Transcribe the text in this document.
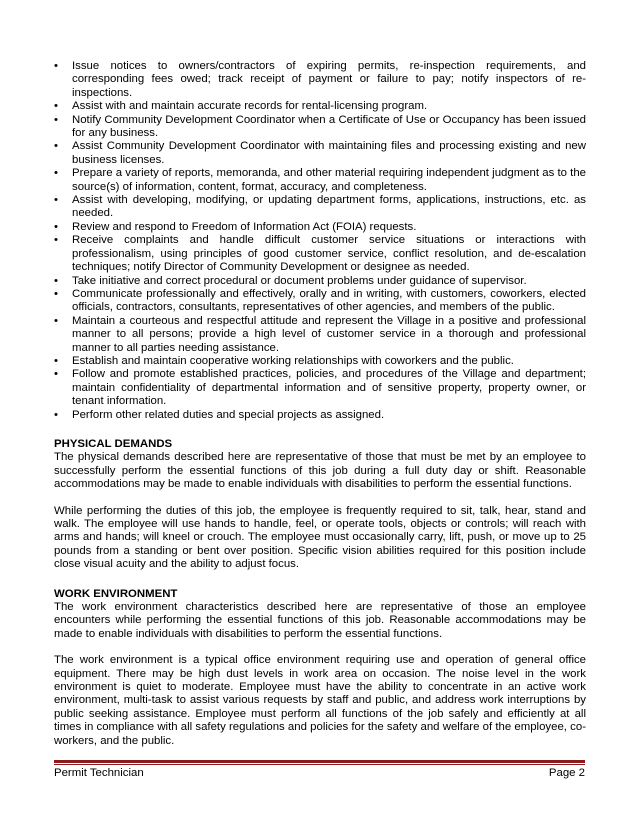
•	Issue notices to owners/contractors of expiring permits, re-inspection requirements, and corresponding fees owed; track receipt of payment or failure to pay; notify inspectors of re-inspections.
•	Assist with and maintain accurate records for rental-licensing program.
•	Notify Community Development Coordinator when a Certificate of Use or Occupancy has been issued for any business.
•	Assist Community Development Coordinator with maintaining files and processing existing and new business licenses.
•	Prepare a variety of reports, memoranda, and other material requiring independent judgment as to the source(s) of information, content, format, accuracy, and completeness.
•	Assist with developing, modifying, or updating department forms, applications, instructions, etc. as needed.
•	Review and respond to Freedom of Information Act (FOIA) requests.
•	Receive complaints and handle difficult customer service situations or interactions with professionalism, using principles of good customer service, conflict resolution, and de-escalation techniques; notify Director of Community Development or designee as needed.
•	Take initiative and correct procedural or document problems under guidance of supervisor.
•	Communicate professionally and effectively, orally and in writing, with customers, coworkers, elected officials, contractors, consultants, representatives of other agencies, and members of the public.
•	Maintain a courteous and respectful attitude and represent the Village in a positive and professional manner to all persons; provide a high level of customer service in a thorough and professional manner to all parties needing assistance.
•	Establish and maintain cooperative working relationships with coworkers and the public.
•	Follow and promote established practices, policies, and procedures of the Village and department; maintain confidentiality of departmental information and of sensitive property, property owner, or tenant information.
•	Perform other related duties and special projects as assigned.
PHYSICAL DEMANDS

The physical demands described here are representative of those that must be met by an employee to successfully perform the essential functions of this job during a full duty day or shift. Reasonable accommodations may be made to enable individuals with disabilities to perform the essential functions.

While performing the duties of this job, the employee is frequently required to sit, talk, hear, stand and walk. The employee will use hands to handle, feel, or operate tools, objects or controls; will reach with arms and hands; will kneel or crouch. The employee must occasionally carry, lift, push, or move up to 25 pounds from a standing or bent over position. Specific vision abilities required for this position include close visual acuity and the ability to adjust focus.

WORK ENVIRONMENT

The work environment characteristics described here are representative of those an employee encounters while performing the essential functions of this job. Reasonable accommodations may be made to enable individuals with disabilities to perform the essential functions.

The work environment is a typical office environment requiring use and operation of general office equipment. There may be high dust levels in work area on occasion. The noise level in the work environment is quiet to moderate. Employee must have the ability to concentrate in an active work environment, multi-task to assist various requests by staff and public, and address work interruptions by public seeking assistance. Employee must perform all functions of the job safely and efficiently at all times in compliance with all safety regulations and policies for the safety and welfare of the employee, co-workers, and the public.

Permit Technician	Page 2
